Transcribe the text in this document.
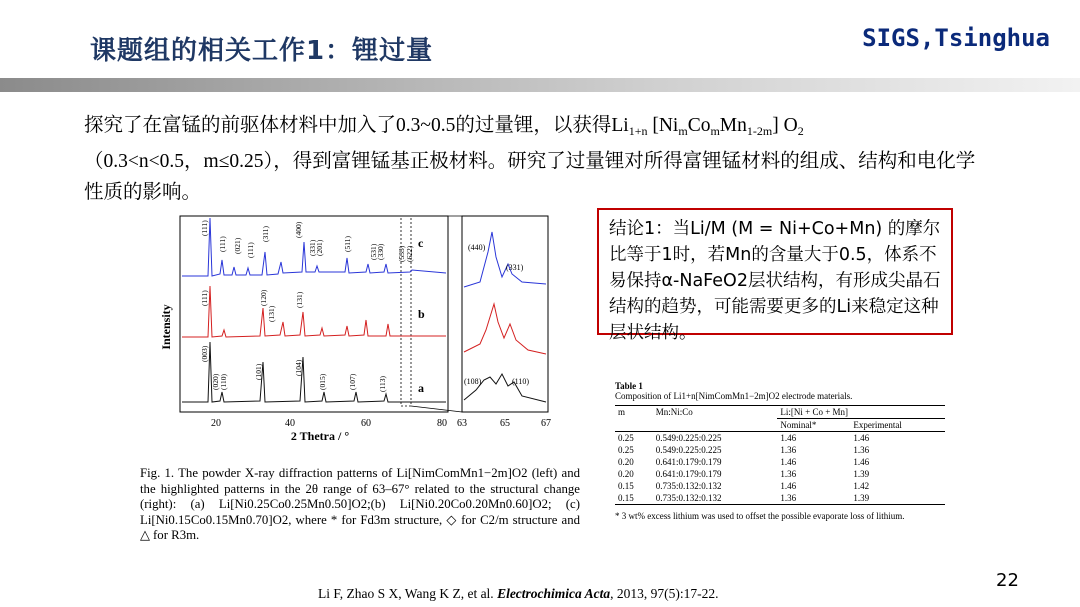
课题组的相关工作1：锂过量	SIGS,Tsinghua
探究了在富锰的前驱体材料中加入了0.3~0.5的过量锂，以获得$Li_{1+n}$ $[Ni_mCo_mMn_{1-2m}]$ $O_2$
（0.3<n<0.5，m≤0.25），得到富锂锰基正极材料。研究了过量锂对所得富锂锰材料的组成、结构和电化学性质的影响。
Intensity
2 Thetra / °
20	40	60	80 63	65	67
c
b
a
(111)
(111) (021) (111)
(311)	(400)
(331)
(201)	(511) (531)
(330) (533) (622)
(111)	(120)
(131)
(131)
(003)
(020) (110)
(101)	(104)
(015)	(107)	(113)
(440)
(331)
(108)	(110)
Fig. 1. The powder X-ray diffraction patterns of Li[NimComMn1−2m]O2 (left) and the highlighted patterns in the 2θ range of 63–67° related to the structural change (right): (a) Li[Ni0.25Co0.25Mn0.50]O2;(b) Li[Ni0.20Co0.20Mn0.60]O2; (c) Li[Ni0.15Co0.15Mn0.70]O2, where * for Fd3m structure, ◇ for C2/m structure and △ for R3m.
结论1：当Li/M (M = Ni+Co+Mn) 的摩尔比等于1时，若Mn的含量大于0.5，体系不易保持α-NaFeO2层状结构，有形成尖晶石结构的趋势，可能需要更多的Li来稳定这种层状结构。
Table 1
Composition of Li1+n[NimComMn1−2m]O2 electrode materials.
m	Mn:Ni:Co	Li:[Ni + Co + Mn]	
		Nominal*	Experimental
0.25	0.549:0.225:0.225	1.46	1.46
0.25	0.549:0.225:0.225	1.36	1.36
0.20	0.641:0.179:0.179	1.46	1.46
0.20	0.641:0.179:0.179	1.36	1.39
0.15	0.735:0.132:0.132	1.46	1.42
0.15	0.735:0.132:0.132	1.36	1.39
* 3 wt% excess lithium was used to offset the possible evaporate loss of lithium.
Li F, Zhao S X, Wang K Z, et al. Electrochimica Acta, 2013, 97(5):17-22.
22
